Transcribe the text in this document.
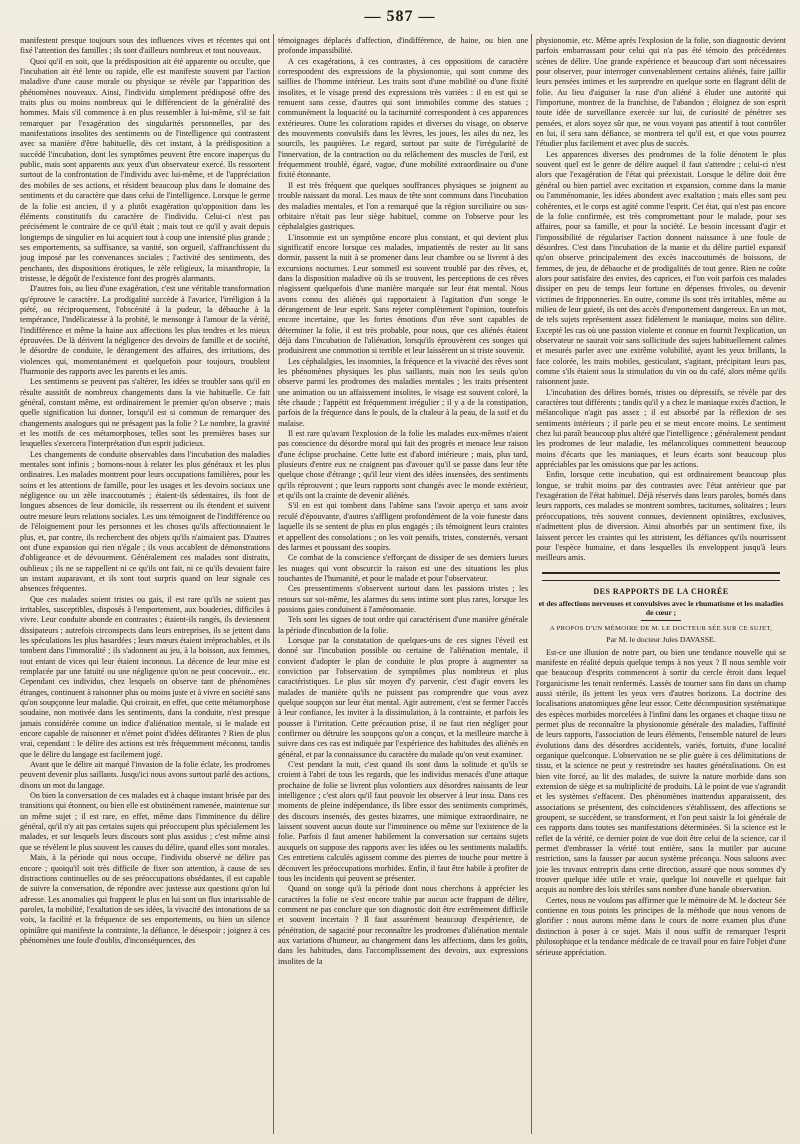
— 587 —

manifestent presque toujours sous des influences vives et récentes qui ont fixé l'attention des familles ; ils sont d'ailleurs nombreux et tout nouveaux.

Quoi qu'il en soit, que la prédisposition ait été apparente ou occulte, que l'incubation ait été lente ou rapide, elle est manifeste souvent par l'action maladive d'une cause morale ou physique se révèle par l'apparition des phénomènes nouveaux. Ainsi, l'individu simplement prédisposé offre des traits plus ou moins nombreux qui le différencient de la généralité des hommes. Mais s'il commence à en plus ressembler à lui-même, s'il se fait remarquer par l'exagération des singularités personnelles, par des manifestations insolites des sentiments ou de l'intelligence qui contrastent avec sa manière d'être habituelle, dès cet instant, à la prédisposition a succédé l'incubation, dont les symptômes peuvent être encore inaperçus du public, mais sont apparents aux yeux d'un observateur exercé. Ils ressortent surtout de la confrontation de l'individu avec lui-même, et de l'appréciation des mobiles de ses actions, et résident beaucoup plus dans le domaine des sentiments et du caractère que dans celui de l'intelligence. Lorsque le germe de la folie est ancien, il y a plutôt exagération qu'opposition dans les éléments constitutifs du caractère de l'individu. Celui-ci n'est pas précisément le contraire de ce qu'il était ; mais tout ce qu'il y avait depuis longtemps de singulier en lui acquiert tout à coup une intensité plus grande ; ses emportements, sa suffisance, sa vanité, son orgueil, s'affranchissent du joug imposé par les convenances sociales ; l'activité des sentiments, des penchants, des dispositions érotiques, le zèle religieux, la misanthropie, la tristesse, le dégoût de l'existence font des progrès alarmants.

D'autres fois, au lieu d'une exagération, c'est une véritable transformation qu'éprouve le caractère. La prodigalité succède à l'avarice, l'irréligion à la piété, ou réciproquement, l'obscénité à la pudeur, la débauche à la tempérance, l'indélicatesse à la probité, le mensonge à l'amour de la vérité, l'indifférence et même la haine aux affections les plus tendres et les mieux éprouvées. De là dérivent la négligence des devoirs de famille et de société, le désordre de conduite, le dérangement des affaires, des irritations, des violences qui, momentanément et quelquefois pour toujours, troublent l'harmonie des rapports avec les parents et les amis.

Les sentiments se peuvent pas s'altérer, les idées se troubler sans qu'il en résulte aussitôt de nombreux changements dans la vie habituelle. Ce fait général, constant même, est ordinairement le premier qu'on observe ; mais quelle signification lui donner, lorsqu'il est si commun de remarquer des changements analogues qui ne présagent pas la folie ? Le nombre, la gravité et les motifs de ces métamorphoses, telles sont les premières bases sur lesquelles s'exercera l'interprétation d'un esprit judicieux.

Les changements de conduite observables dans l'incubation des maladies mentales sont infinis ; bornons-nous à relater les plus généraux et les plus ordinaires. Les malades montrent pour leurs occupations familières, pour les soins et les attentions de famille, pour les usages et les devoirs sociaux une négligence ou un zèle inaccoutumés ; étaient-ils sédentaires, ils font de longues absences de leur domicile, ils resserrent ou ils étendent et suivent outre mesure leurs relations sociales. Les uns témoignent de l'indifférence ou de l'éloignement pour les personnes et les choses qu'ils affectionnaient le plus, et, par contre, ils recherchent des objets qu'ils n'aimaient pas. D'autres ont d'une expansion qui rien n'égale ; ils vous accablent de démonstrations d'obligeance et de dévouement. Généralement ces malades sont distraits, oublieux ; ils ne se rappellent ni ce qu'ils ont fait, ni ce qu'ils devaient faire un instant auparavant, et ils sont tout surpris quand on leur signale ces absences fréquentes.

Que ces malades soient tristes ou gais, il est rare qu'ils ne soient pas irritables, susceptibles, disposés à l'emportement, aux bouderies, difficiles à vivre. Leur conduite abonde en contrastes ; étaient-ils rangés, ils deviennent dissipateurs ; autrefois circonspects dans leurs entreprises, ils se jettent dans les spéculations les plus hasardées ; leurs mœurs étaient irréprochables, et ils tombent dans l'immoralité ; ils s'adonnent au jeu, à la boisson, aux femmes, tout entant de vices qui leur étaient inconnus. La décence de leur mise est remplacée par une fatuité ou une négligence qu'on ne peut concevoir... etc. Cependant ces individus, chez lesquels on observe tant de phénomènes étranges, continuent à raisonner plus ou moins juste et à vivre en société sans qu'on soupçonne leur maladie. Qui croirait, en effet, que cette métamorphose soudaine, non motivée dans les sentiments, dans la conduite, n'est presque jamais considérée comme un indice d'aliénation mentale, si le malade est encore capable de raisonner et n'émet point d'idées délirantes ? Rien de plus vrai, cependant : le délire des actions est très fréquemment méconnu, tandis que le délire du langage est facilement jugé.

Avant que le délire ait marqué l'invasion de la folie éclate, les prodromes peuvent devenir plus saillants. Jusqu'ici nous avons surtout parlé des actions, disons un mot du langage.

On bien la conversation de ces malades est à chaque instant brisée par des transitions qui étonnent, ou bien elle est obstinément ramenée, maintenue sur un même sujet ; il est rare, en effet, même dans l'imminence du délire général, qu'il n'y ait pas certains sujets qui préoccupent plus spécialement les malades, et sur lesquels leurs discours sont plus assidus ; c'est même ainsi que se révèlent le plus souvent les causes du délire, quand elles sont morales.

Mais, à la période qui nous occupe, l'individu observé ne délire pas encore ; quoiqu'il soit très difficile de fixer son attention, à cause de ses distractions continuelles ou de ses préoccupations obsédantes, il est capable de suivre la conversation, de répondre avec justesse aux questions qu'on lui adresse. Les anomalies qui frappent le plus en lui sont un flux intarissable de paroles, la mobilité, l'exaltation de ses idées, la vivacité des intonations de sa voix, la facilité et la fréquence de ses emportements, ou bien un silence opiniâtre qui manifeste la contrainte, la défiance, le désespoir ; joignez à ces phénomènes une foule d'oublis, d'inconséquences, des

témoignages déplacés d'affection, d'indifférence, de haine, ou bien une profonde impassibilité.

A ces exagérations, à ces contrastes, à ces oppositions de caractère correspondent des expressions de la physionomie, qui sont comme des saillies de l'homme intérieur. Les traits sont d'une mobilité ou d'une fixité insolites, et le visage prend des expressions très variées : il en est qui se remuent sans cesse, d'autres qui sont immobiles comme des statues ; communément la loquacité ou la taciturnité correspondent à ces apparences extérieures. Outre les colorations rapides et diverses du visage, on observe des mouvements convulsifs dans les lèvres, les joues, les ailes du nez, les sourcils, les paupières. Le regard, surtout par suite de l'irrégularité de l'innervation, de la contraction ou du relâchement des muscles de l'œil, est fréquemment troublé, égaré, vague, d'une mobilité extraordinaire ou d'une fixité étonnante.

Il est très fréquent que quelques souffrances physiques se joignent au trouble naissant du moral. Les maux de tête sont communs dans l'incubation des maladies mentales, et l'on a remarqué que la région surciliaire ou sus-orbitaire n'était pas leur siège habituel, comme on l'observe pour les céphalalgies gastriques.

L'insomnie est un symptôme encore plus constant, et qui devient plus significatif encore lorsque ces malades, impatientés de rester au lit sans dormir, passent la nuit à se promener dans leur chambre ou se livrent à des excursions nocturnes. Leur sommeil est souvent troublé par des rêves, et, dans la disposition maladive où ils se trouvent, les perceptions de ces rêves réagissent quelquefois d'une manière marquée sur leur état mental. Nous avons connu des aliénés qui rapportaient à l'agitation d'un songe le dérangement de leur esprit. Sans rejeter complètement l'opinion, toutefois encore incertaine, que les fortes émotions d'un rêve sont capables de déterminer la folie, il est très probable, pour nous, que ces aliénés étaient déjà dans l'incubation de l'aliénation, lorsqu'ils éprouvèrent ces songes qui produisirent une commotion si terrible et leur laissèrent un si triste souvenir.

Les céphalalgies, les insomnies, la fréquence et la vivacité des rêves sont les phénomènes physiques les plus saillants, mais non les seuls qu'on observe parmi les prodromes des maladies mentales ; les traits présentent une animation ou un affaissement insolites, le visage est souvent coloré, la tête chaude ; l'appétit est fréquemment irrégulier ; il y a de la constipation, parfois de la fréquence dans le pouls, de la chaleur à la peau, de la soif et du malaise.

Il est rare qu'avant l'explosion de la folie les malades eux-mêmes n'aient pas conscience du désordre moral qui fait des progrès et menace leur raison d'une éclipse prochaine. Cette lutte est d'abord intérieure ; mais, plus tard, plusieurs d'entre eux ne craignent pas d'avouer qu'il se passe dans leur tête quelque chose d'étrange ; qu'il leur vient des idées insensées, des sentiments qu'ils réprouvent ; que leurs rapports sont changés avec le monde extérieur, et qu'ils ont la crainte de devenir aliénés.

S'il en est qui tombent dans l'abîme sans l'avoir aperçu et sans avoir reculé d'épouvante, d'autres s'affligent profondément de la voie funeste dans laquelle ils se sentent de plus en plus engagés ; ils témoignent leurs craintes et appellent des consolations ; on les voit pensifs, tristes, consternés, versant des larmes et poussant des soupirs.

Ce combat de la conscience s'efforçant de dissiper de ses derniers lueurs les nuages qui vont obscurcir la raison est une des situations les plus touchantes de l'humanité, et pour le malade et pour l'observateur.

Ces pressentiments s'observent surtout dans les passions tristes ; les retours sur soi-même, les alarmes du sens intime sont plus rares, lorsque les passions gaies conduisent à l'aménomanie.

Tels sont les signes de tout ordre qui caractérisent d'une manière générale la période d'incubation de la folie.

Lorsque par la constatation de quelques-uns de ces signes l'éveil est donné sur l'incubation possible ou certaine de l'aliénation mentale, il convient d'adopter le plan de conduite le plus propre à augmenter sa conviction par l'observation de symptômes plus nombreux et plus caractéristiques. Le plus sûr moyen d'y parvenir, c'est d'agir envers les malades de manière qu'ils ne puissent pas comprendre que vous avez quelque soupçon sur leur état mental. Agir autrement, c'est se fermer l'accès à leur confiance, les inviter à la dissimulation, à la contrainte, et parfois les pousser à l'irritation. Cette précaution prise, il ne faut rien négliger pour confirmer ou détruire les soupçons qu'on a conçus, et la meilleure marche à suivre dans ces cas est indiquée par l'expérience des habitudes des aliénés en général, et par la connaissance du caractère du malade qu'on veut examiner.

C'est pendant la nuit, c'est quand ils sont dans la solitude et qu'ils se croient à l'abri de tous les regards, que les individus menacés d'une attaque prochaine de folie se livrent plus volontiers aux désordres naissants de leur intelligence ; c'est alors qu'il faut pouvoir les observer à leur insu. Dans ces moments de pleine indépendance, ils libre essor des sentiments comprimés, des discours insensés, des gestes bizarres, une mimique extraordinaire, ne laissent souvent aucun doute sur l'imminence ou même sur l'existence de la folie. Parfois il faut amener habilement la conversation sur certains sujets auxquels on suppose des rapports avec les idées ou les sentiments maladifs. Ces entretiens calculés agissent comme des pierres de touche pour mettre à découvert les préoccupations morbides. Enfin, il faut être habile à profiter de tous les incidents qui peuvent se présenter.

Quand on songe qu'à la période dont nous cherchons à apprécier les caractères la folie ne s'est encore trahie par aucun acte frappant de délire, comment ne pas conclure que son diagnostic doit être extrêmement difficile et souvent incertain ? Il faut assurément beaucoup d'expérience, de pénétration, de sagacité pour reconnaître les prodromes d'aliénation mentale aux variations d'humeur, au changement dans les affections, dans les goûts, dans les habitudes, dans l'accomplissement des devoirs, aux expressions insolites de la

physionomie, etc. Même après l'explosion de la folie, son diagnostic devient parfois embarrassant pour celui qui n'a pas été témoin des précédentes scènes de délire. Une grande expérience et beaucoup d'art sont nécessaires pour observer, pour interroger convenablement certains aliénés, faire jaillir leurs pensées intimes et les surprendre en quelque sorte en flagrant délit de folie. Au lieu d'aiguiser la ruse d'un aliéné à éluder une autorité qui l'importune, montrez de la franchise, de l'abandon ; éloignez de son esprit toute idée de surveillance exercée sur lui, de curiosité de pénétrer ses pensées, et alors soyez sûr que, ne vous voyant pas attentif à tout contrôler en lui, il sera sans défiance, se montrera tel qu'il est, et que vous pourrez l'étudier plus facilement et avec plus de succès.

Les apparences diverses des prodromes de la folie dénotent le plus souvent quel est le genre de délire auquel il faut s'attendre ; celui-ci n'est alors que l'exagération de l'état qui préexistait. Lorsque le délire doit être général ou bien partiel avec excitation et expansion, comme dans la manie ou l'amménomanie, les idées abondent avec exaltation ; mais elles sont peu cohérentes, et le corps est agité comme l'esprit. Cet état, qui n'est pas encore de la folie confirmée, est très compromettant pour le malade, pour ses affaires, pour sa famille, et pour la société. Le besoin incessant d'agir et l'impossibilité de régulariser l'action donnent naissance à une foule de désordres. C'est dans l'incubation de la manie et du délire partiel expansif qu'on observe principalement des excès inaccoutumés de boissons, de femmes, de jeu, de débauche et de prodigalités de tout genre. Rien ne coûte alors pour satisfaire des envies, des caprices, et l'on voit parfois ces malades dissiper en peu de temps leur fortune en dépenses frivoles, ou devenir victimes de fripponneries. En outre, comme ils sont très irritables, même au milieu de leur gaieté, ils ont des accès d'emportement dangereux. En un mot, de tels sujets représentent assez fidèlement le maniaque, moins son délire. Excepté les cas où une passion violente et connue en fournit l'explication, un observateur ne saurait voir sans sollicitude des sujets habituellement calmes et mesurés parler avec une extrême volubilité, ayant les yeux brillants, la face colorée, les traits mobiles, gesticulant, s'agitant, précipitant leurs pas, comme s'ils étaient sous la stimulation du vin ou du café, alors même qu'ils raisonnent juste.

L'incubation des délires bornés, tristes ou dépressifs, se révèle par des caractères tout différents ; tandis qu'il y a chez le maniaque excès d'action, le mélancolique n'agit pas assez ; il est absorbé par la réflexion de ses sentiments intérieurs ; il parle peu et se meut encore moins. Le sentiment chez lui paraît beaucoup plus altéré que l'intelligence ; généralement pendant les prodromes de leur maladie, les mélancoliques commettent beaucoup moins d'écarts que les maniaques, et leurs écarts sont beaucoup plus appréciables par les omissions que par les actions.

Enfin, lorsque cette incubation, qui est ordinairement beaucoup plus longue, se trahit moins par des contrastes avec l'état antérieur que par l'exagération de l'état habituel. Déjà réservés dans leurs paroles, bornés dans leurs rapports, ces malades se montrent sombres, taciturnes, solitaires ; leurs préoccupations, très souvent connues, deviennent opiniâtres, exclusives, n'admettent plus de diversion. Ainsi absorbés par un sentiment fixe, ils laissent percer les craintes qui les attristent, les défiances qu'ils nourrissent pour l'espèce humaine, et dans lesquelles ils enveloppent jusqu'à leurs meilleurs amis.

DES RAPPORTS DE LA CHORÉE
et des affections nerveuses et convulsives avec le rhumatisme et les maladies de cœur ;
A PROPOS D'UN MÉMOIRE DE M. LE DOCTEUR SÉE SUR CE SUJET,
Par M. le docteur Jules DAVASSE.

Est-ce une illusion de notre part, ou bien une tendance nouvelle qui se manifeste en réalité depuis quelque temps à nos yeux ? Il nous semble voir que beaucoup d'esprits commencent à sortir du cercle étroit dans lequel l'organicisme les tenait renfermés. Lassés de tourner sans fin dans un champ aussi stérile, ils jettent les yeux vers d'autres horizons. La doctrine des localisations anatomiques gêne leur essor. Cette décomposition systématique des espèces morbides morcelées à l'infini dans les organes et chaque tissu ne permet plus de reconnaître la physionomie générale des maladies, l'affinité de leurs rapports, l'association de leurs éléments, l'ensemble naturel de leurs évolutions dans des désordres accidentels, variés, fortuits, d'une localité organique quelconque. L'observation ne se plie guère à ces délimitations de tissu, et la science ne peut y restreindre ses hautes généralisations. On est bien vite forcé, au lit des malades, de suivre la nature morbide dans son extension de siège et sa multiplicité de produits. Là le point de vue s'agrandit et les systèmes s'effacent. Des phénomènes inattendus apparaissent, des associations se présentent, des coïncidences s'établissent, des affections se groupent, se succèdent, se transforment, et l'on peut saisir la loi générale de ces rapports dans toutes ses manifestations déterminées. Si la science est le reflet de la vérité, ce dernier point de vue doit être celui de la science, car il permet d'embrasser la vérité tout entière, sans la mutiler par aucune restriction, sans la fausser par aucun système préconçu. Nous saluons avec joie les travaux entrepris dans cette direction, assuré que nous sommes d'y trouver quelque idée utile et vraie, quelque loi nouvelle et quelque fait acquis au nombre des lois stériles sans nombre d'une banale observation.

Certes, nous ne voulons pas affirmer que le mémoire de M. le docteur Sée contienne en tous points les principes de la méthode que nous venons de glorifier : nous aurons même dans le cours de notre examen plus d'une distinction à poser à ce sujet. Mais il nous suffit de remarquer l'esprit philosophique et la tendance médicale de ce travail pour en faire l'objet d'une sérieuse appréciation.
